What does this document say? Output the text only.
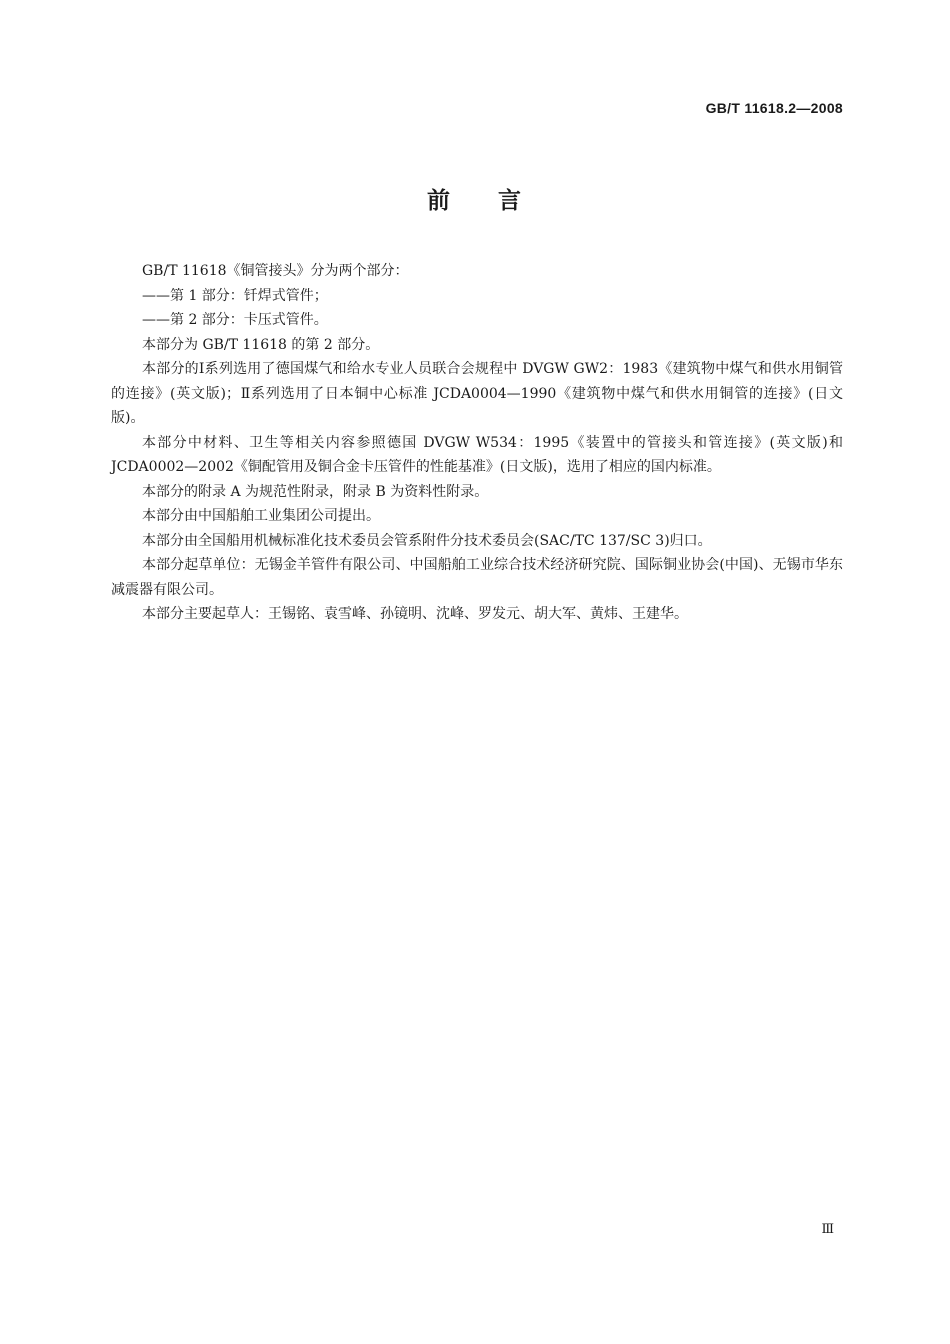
GB/T 11618.2—2008
前 言

GB/T 11618《铜管接头》分为两个部分：

——第 1 部分：钎焊式管件；

——第 2 部分：卡压式管件。

本部分为 GB/T 11618 的第 2 部分。

本部分的Ⅰ系列选用了德国煤气和给水专业人员联合会规程中 DVGW GW2：1983《建筑物中煤气和供水用铜管的连接》(英文版)；Ⅱ系列选用了日本铜中心标准 JCDA0004—1990《建筑物中煤气和供水用铜管的连接》(日文版)。

本部分中材料、卫生等相关内容参照德国 DVGW W534：1995《装置中的管接头和管连接》(英文版)和 JCDA0002—2002《铜配管用及铜合金卡压管件的性能基准》(日文版)，选用了相应的国内标准。

本部分的附录 A 为规范性附录，附录 B 为资料性附录。

本部分由中国船舶工业集团公司提出。

本部分由全国船用机械标准化技术委员会管系附件分技术委员会(SAC/TC 137/SC 3)归口。

本部分起草单位：无锡金羊管件有限公司、中国船舶工业综合技术经济研究院、国际铜业协会(中国)、无锡市华东减震器有限公司。

本部分主要起草人：王锡铭、袁雪峰、孙镜明、沈峰、罗发元、胡大军、黄炜、王建华。

Ⅲ
